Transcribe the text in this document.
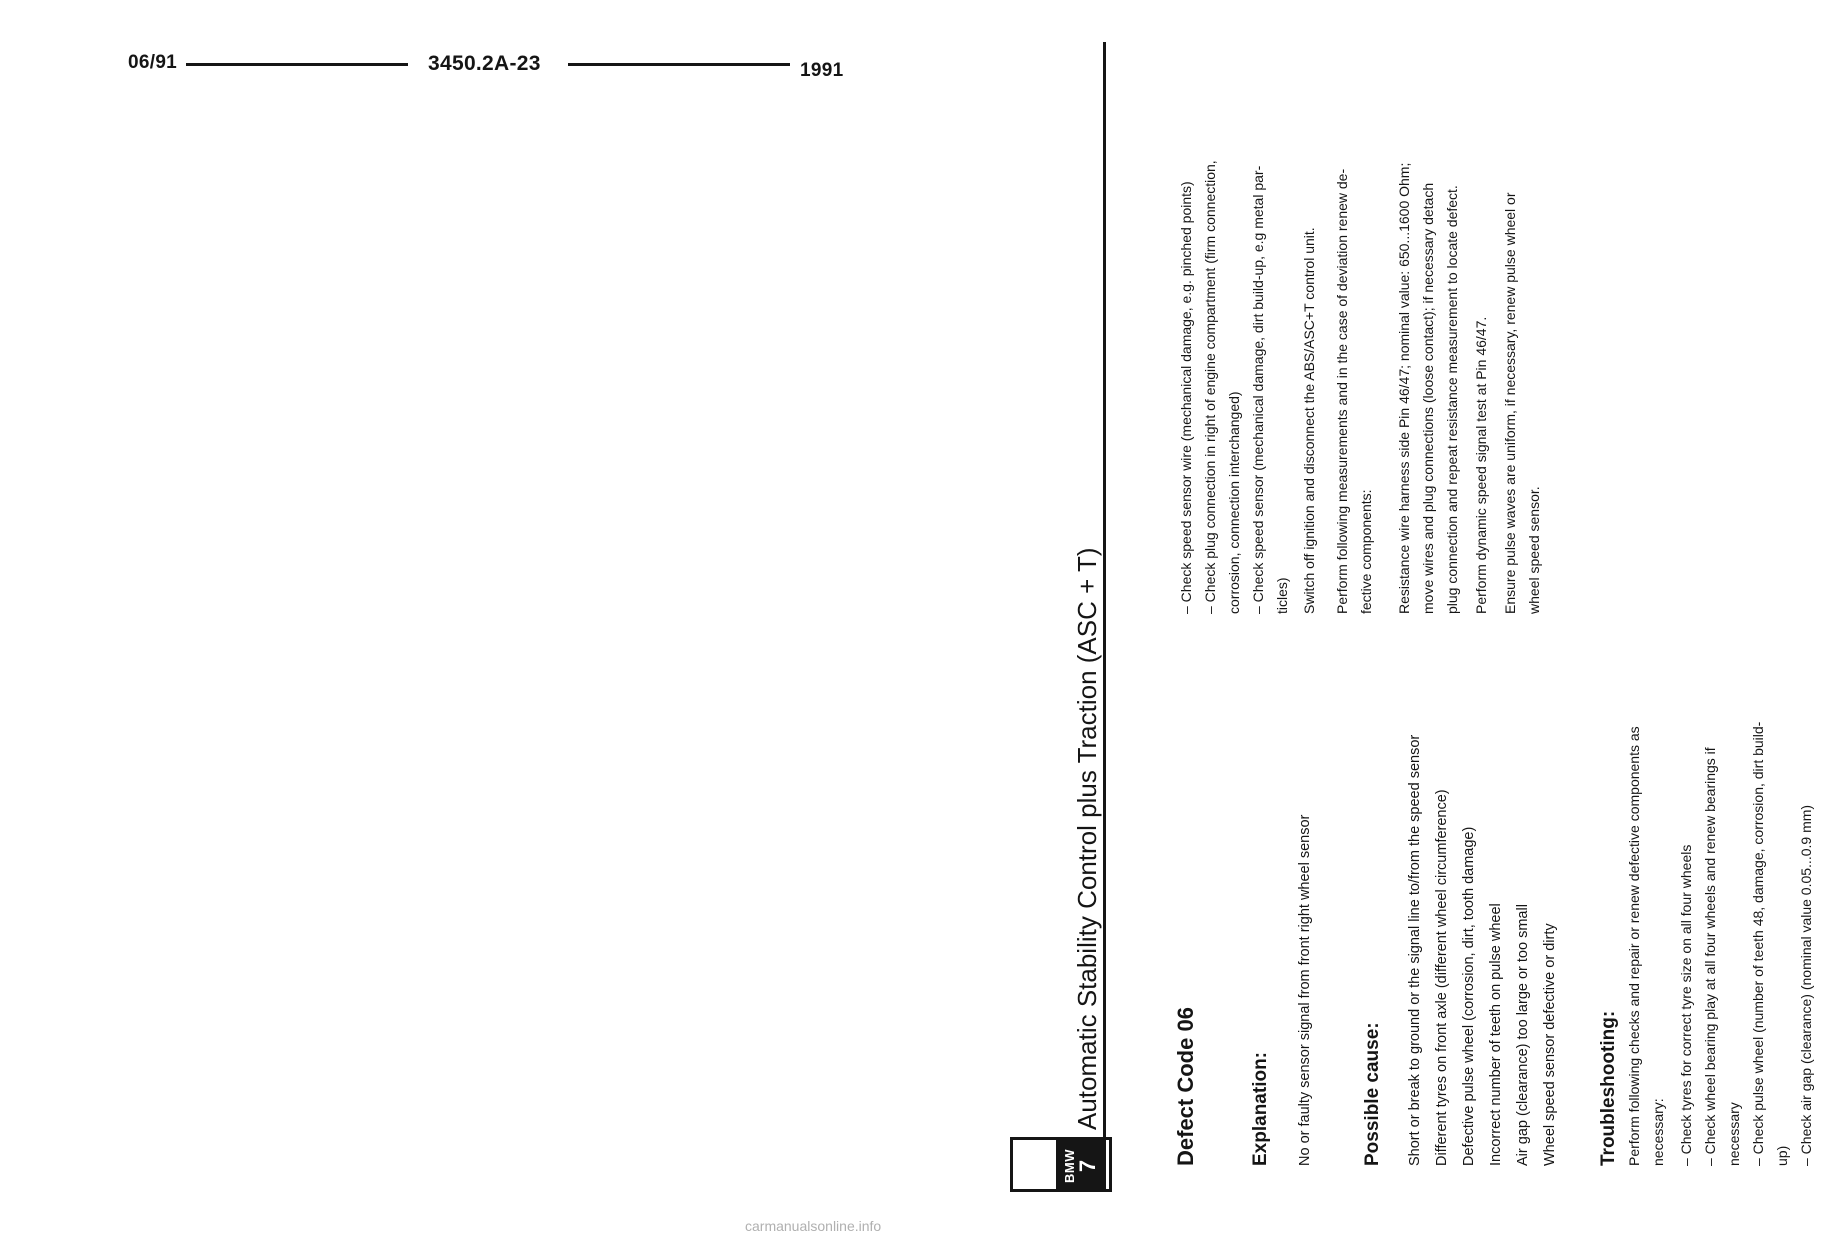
06/91	3450.2A-23	1991
BMW
7
Automatic Stability Control plus Traction (ASC + T)	Defect Code 06	Explanation:	No or faulty sensor signal from front right wheel sensor	Possible cause:	Short or break to ground or the signal line to/from the speed sensor Different tyres on front axle (different wheel circumference) Defective pulse wheel (corrosion, dirt, tooth damage) Incorrect number of teeth on pulse wheel Air gap (clearance) too large or too small Wheel speed sensor defective or dirty	Troubleshooting: Perform following checks and repair or renew defective components as necessary:

– Check speed sensor wire (mechanical damage, e.g. pinched points) – Check plug connection in right of engine compartment (firm connection, corrosion, connection interchanged) – Check speed sensor (mechanical damage, dirt build-up, e.g metal par- ticles) Switch off ignition and disconnect the ABS/ASC+T control unit.	Perform following measurements and in the case of deviation renew de- fective components: Resistance wire harness side Pin 46/47; nominal value: 650...1600 Ohm; move wires and plug connections (loose contact); if necessary detach plug connection and repeat resistance measurement to locate defect. Perform dynamic speed signal test at Pin 46/47. Ensure pulse waves are uniform, if necessary, renew pulse wheel or wheel speed sensor.

– Check tyres for correct tyre size on all four wheels – Check wheel bearing play at all four wheels and renew bearings if necessary – Check pulse wheel (number of teeth 48, damage, corrosion, dirt build- up) – Check air gap (clearance) (nominal value 0.05...0.9 mm)

carmanualsonline.info
